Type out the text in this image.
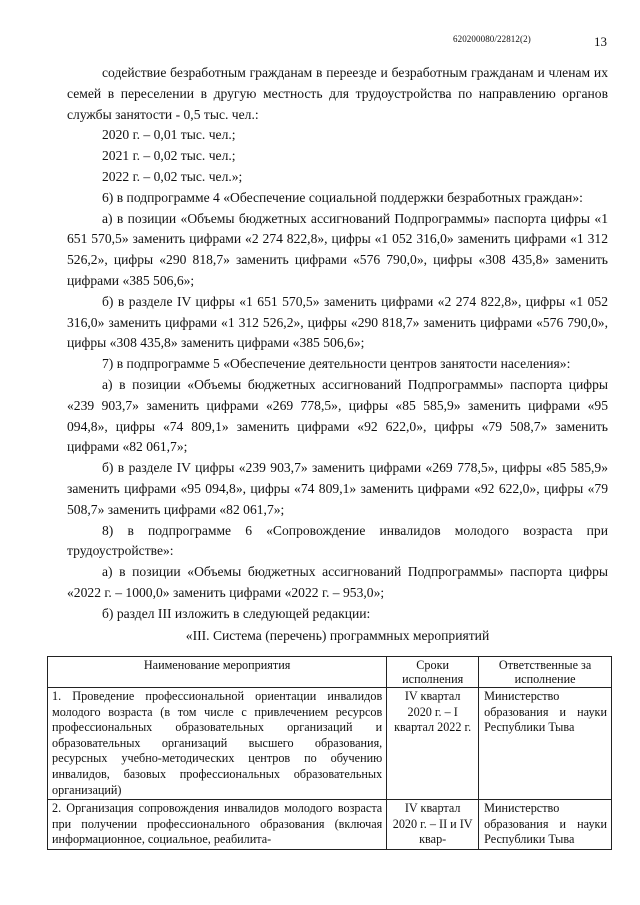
620200080/22812(2)	13

содействие безработным гражданам в переезде и безработным гражданам и членам их семей в переселении в другую местность для трудоустройства по направлению органов службы занятости - 0,5 тыс. чел.:

2020 г. – 0,01 тыс. чел.;

2021 г. – 0,02 тыс. чел.;

2022 г. – 0,02 тыс. чел.»;

6) в подпрограмме 4 «Обеспечение социальной поддержки безработных граждан»:

а) в позиции «Объемы бюджетных ассигнований Подпрограммы» паспорта цифры «1 651 570,5» заменить цифрами «2 274 822,8», цифры «1 052 316,0» заменить цифрами «1 312 526,2», цифры «290 818,7» заменить цифрами «576 790,0», цифры «308 435,8» заменить цифрами «385 506,6»;

б) в разделе IV цифры «1 651 570,5» заменить цифрами «2 274 822,8», цифры «1 052 316,0» заменить цифрами «1 312 526,2», цифры «290 818,7» заменить цифрами «576 790,0», цифры «308 435,8» заменить цифрами «385 506,6»;

7) в подпрограмме 5 «Обеспечение деятельности центров занятости населения»:

а) в позиции «Объемы бюджетных ассигнований Подпрограммы» паспорта цифры «239 903,7» заменить цифрами «269 778,5», цифры «85 585,9» заменить цифрами «95 094,8», цифры «74 809,1» заменить цифрами «92 622,0», цифры «79 508,7» заменить цифрами «82 061,7»;

б) в разделе IV цифры «239 903,7» заменить цифрами «269 778,5», цифры «85 585,9» заменить цифрами «95 094,8», цифры «74 809,1» заменить цифрами «92 622,0», цифры «79 508,7» заменить цифрами «82 061,7»;

8) в подпрограмме 6 «Сопровождение инвалидов молодого возраста при трудоустройстве»:

а) в позиции «Объемы бюджетных ассигнований Подпрограммы» паспорта цифры «2022 г. – 1000,0» заменить цифрами «2022 г. – 953,0»;

б) раздел III изложить в следующей редакции:

«III. Система (перечень) программных мероприятий

Наименование мероприятия	Сроки исполнения	Ответственные за исполнение
1. Проведение профессиональной ориентации инвалидов молодого возраста (в том числе с привлечением ресурсов профессиональных образовательных организаций и образовательных организаций высшего образования, ресурсных учебно-методических центров по обучению инвалидов, базовых профессиональных образовательных организаций)	IV квартал 2020 г. – I квартал 2022 г.	Министерство образования и науки Республики Тыва
2. Организация сопровождения инвалидов молодого возраста при получении профессионального образования (включая информационное, социальное, реабилита-	IV квартал 2020 г. – II и IV квар-	Министерство образования и науки Республики Тыва
